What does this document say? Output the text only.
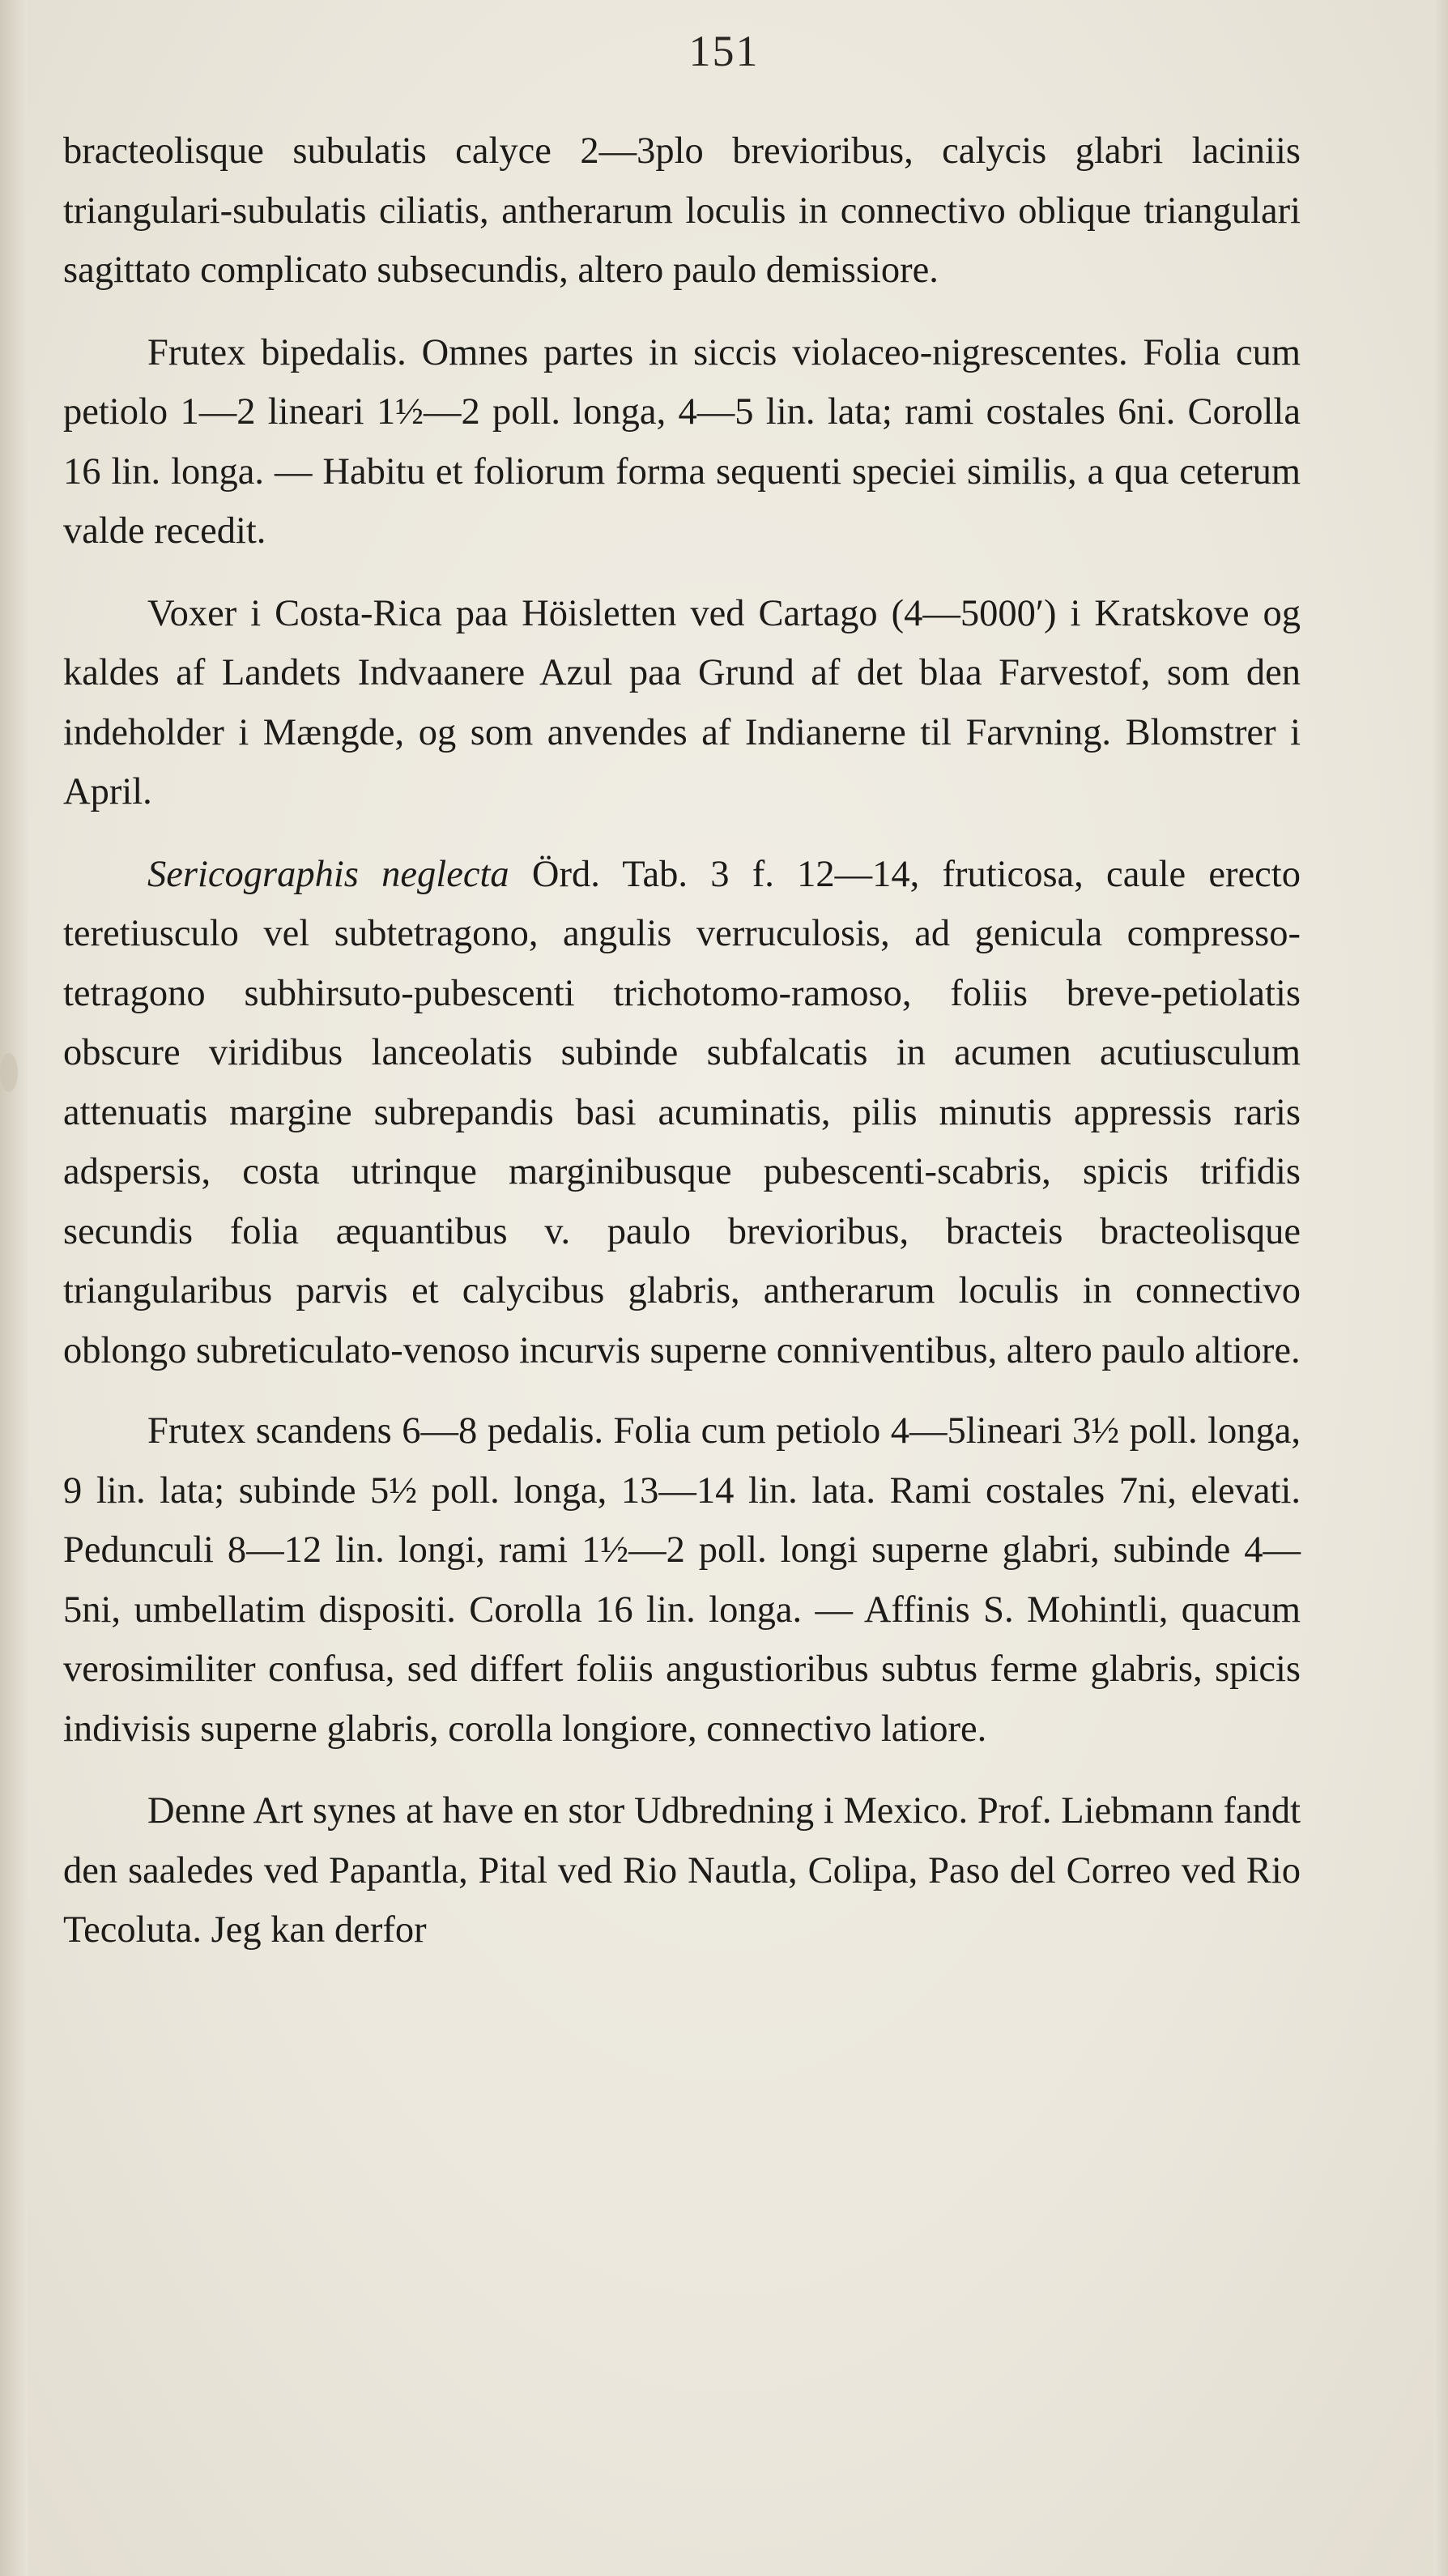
151

bracteolisque subulatis calyce 2—3plo brevioribus, calycis glabri laciniis triangulari-subulatis ciliatis, antherarum loculis in connectivo oblique triangulari sagittato complicato subsecundis, altero paulo demissiore.

Frutex bipedalis. Omnes partes in siccis violaceo-nigrescentes. Folia cum petiolo 1—2 lineari 1½—2 poll. longa, 4—5 lin. lata; rami costales 6ni. Corolla 16 lin. longa. — Habitu et foliorum forma sequenti speciei similis, a qua ceterum valde recedit.

Voxer i Costa-Rica paa Höisletten ved Cartago (4—5000′) i Kratskove og kaldes af Landets Indvaanere Azul paa Grund af det blaa Farvestof, som den indeholder i Mængde, og som anvendes af Indianerne til Farvning. Blomstrer i April.

Sericographis neglecta Örd. Tab. 3 f. 12—14, fruticosa, caule erecto teretiusculo vel subtetragono, angulis verruculosis, ad genicula compresso-tetragono subhirsuto-pubescenti trichotomo-ramoso, foliis breve-petiolatis obscure viridibus lanceolatis subinde subfalcatis in acumen acutiusculum attenuatis margine subrepandis basi acuminatis, pilis minutis appressis raris adspersis, costa utrinque marginibusque pubescenti-scabris, spicis trifidis secundis folia æquantibus v. paulo brevioribus, bracteis bracteolisque triangularibus parvis et calycibus glabris, antherarum loculis in connectivo oblongo subreticulato-venoso incurvis superne conniventibus, altero paulo altiore.

Frutex scandens 6—8 pedalis. Folia cum petiolo 4—5lineari 3½ poll. longa, 9 lin. lata; subinde 5½ poll. longa, 13—14 lin. lata. Rami costales 7ni, elevati. Pedunculi 8—12 lin. longi, rami 1½—2 poll. longi superne glabri, subinde 4—5ni, umbellatim dispositi. Corolla 16 lin. longa. — Affinis S. Mohintli, quacum verosimiliter confusa, sed differt foliis angustioribus subtus ferme glabris, spicis indivisis superne glabris, corolla longiore, connectivo latiore.

Denne Art synes at have en stor Udbredning i Mexico. Prof. Liebmann fandt den saaledes ved Papantla, Pital ved Rio Nautla, Colipa, Paso del Correo ved Rio Tecoluta. Jeg kan derfor
